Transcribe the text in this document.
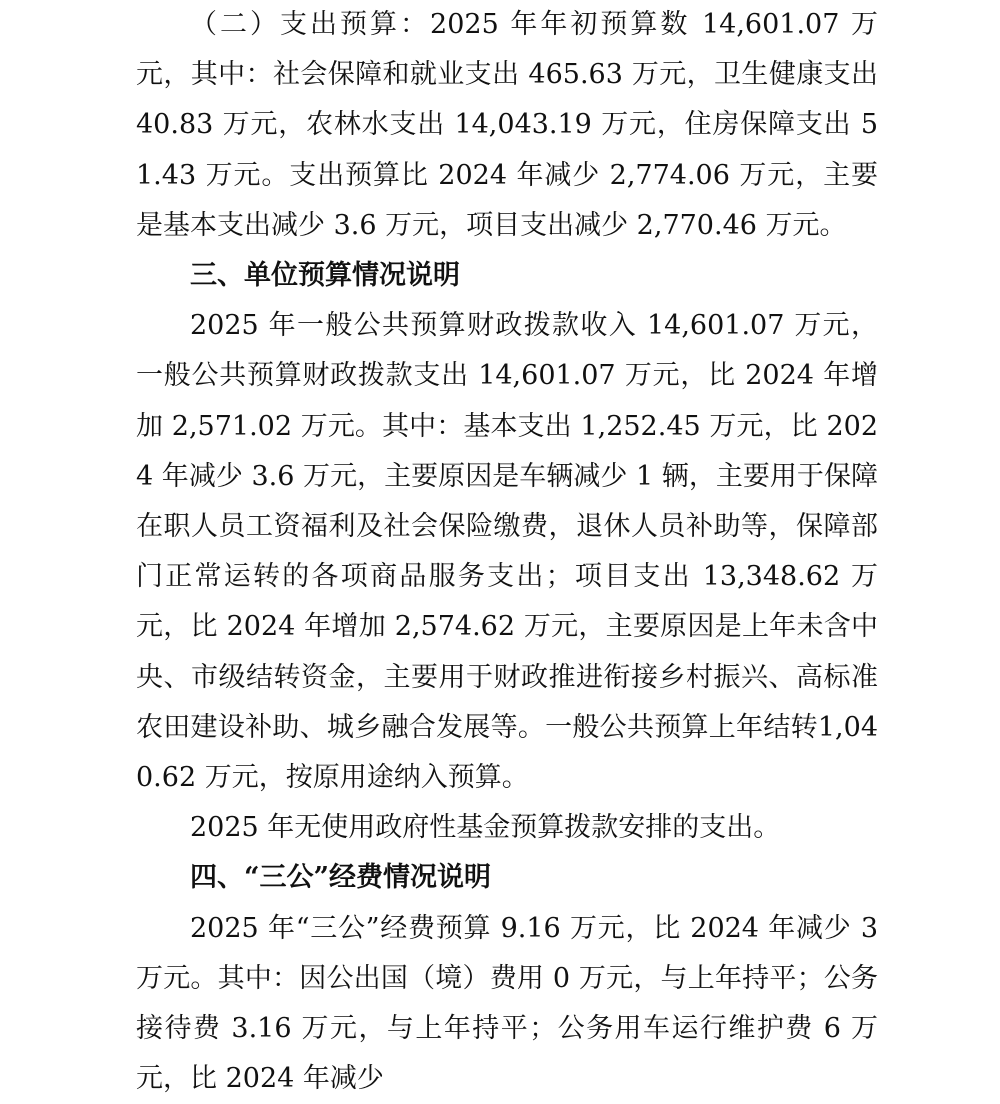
（二）支出预算：2025 年年初预算数 14,601.07 万元，其中：社会保障和就业支出 465.63 万元，卫生健康支出 40.83 万元，农林水支出 14,043.19 万元，住房保障支出 51.43 万元。支出预算比 2024 年减少 2,774.06 万元，主要是基本支出减少 3.6 万元，项目支出减少 2,770.46 万元。

三、单位预算情况说明

2025 年一般公共预算财政拨款收入 14,601.07 万元，一般公共预算财政拨款支出 14,601.07 万元，比 2024 年增加 2,571.02 万元。其中：基本支出 1,252.45 万元，比 2024 年减少 3.6 万元，主要原因是车辆减少 1 辆，主要用于保障在职人员工资福利及社会保险缴费，退休人员补助等，保障部门正常运转的各项商品服务支出；项目支出 13,348.62 万元，比 2024 年增加 2,574.62 万元，主要原因是上年未含中央、市级结转资金，主要用于财政推进衔接乡村振兴、高标准农田建设补助、城乡融合发展等。一般公共预算上年结转1,040.62 万元，按原用途纳入预算。

2025 年无使用政府性基金预算拨款安排的支出。

四、“三公”经费情况说明

2025 年“三公”经费预算 9.16 万元，比 2024 年减少 3 万元。其中：因公出国（境）费用 0 万元，与上年持平；公务接待费 3.16 万元，与上年持平；公务用车运行维护费 6 万元，比 2024 年减少
